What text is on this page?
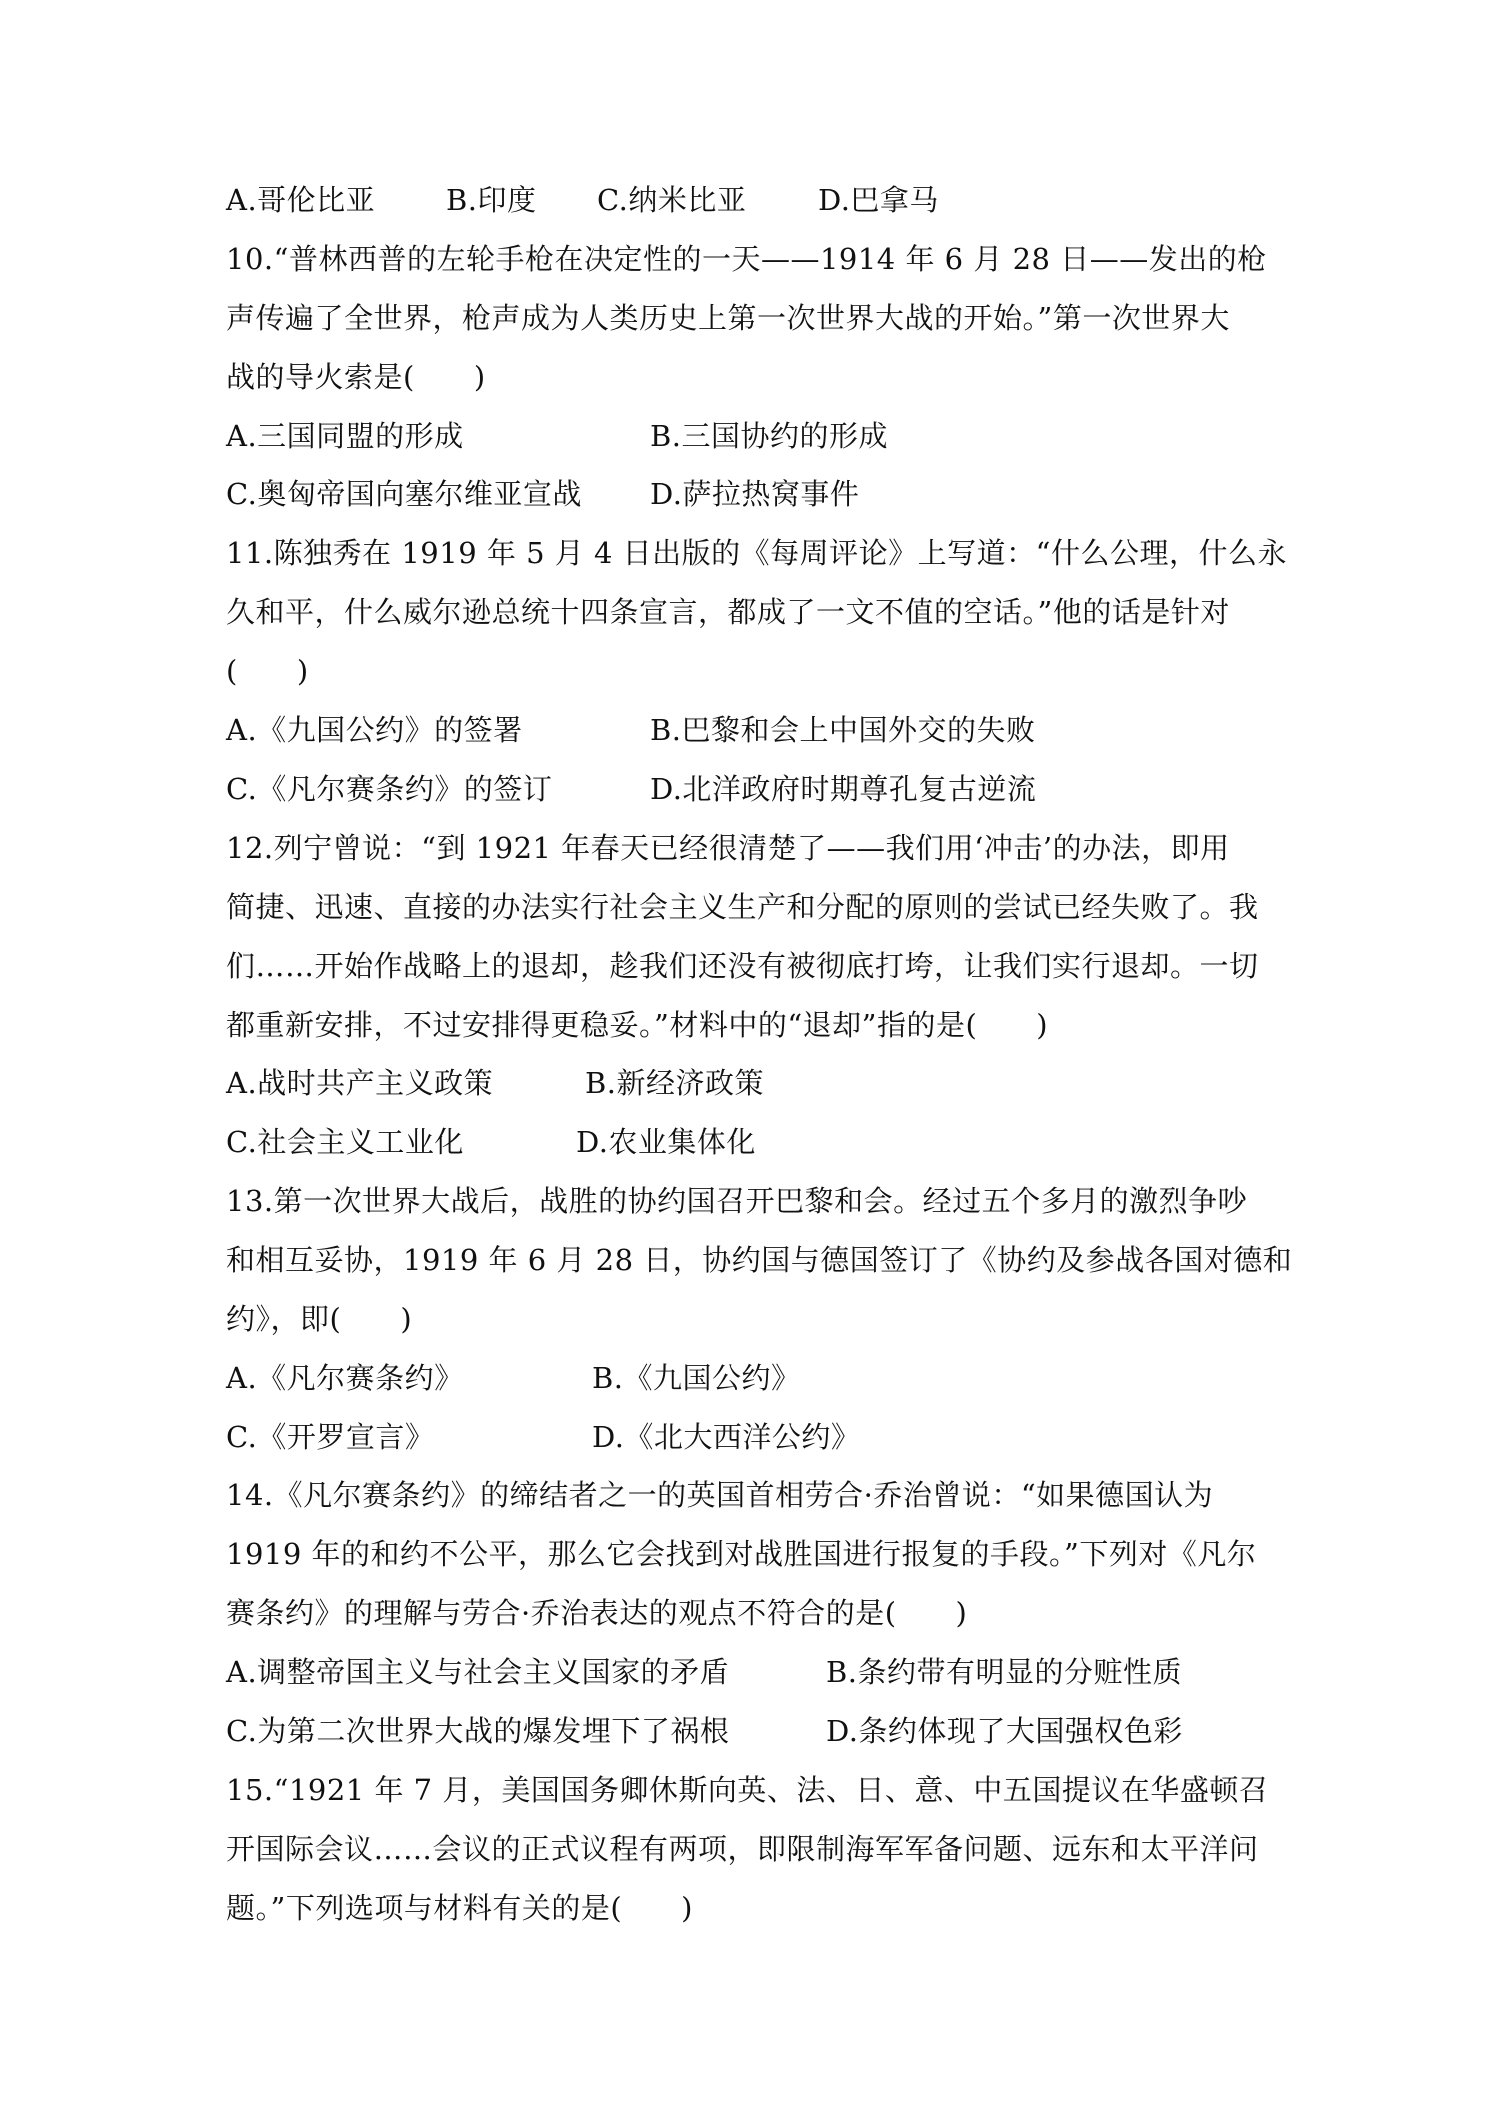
A.哥伦比亚 B.印度 C.纳米比亚 D.巴拿马
10.“普林西普的左轮手枪在决定性的一天——1914 年 6 月 28 日——发出的枪
声传遍了全世界，枪声成为人类历史上第一次世界大战的开始。”第一次世界大
战的导火索是(　　)
A.三国同盟的形成	B.三国协约的形成
C.奥匈帝国向塞尔维亚宣战 D.萨拉热窝事件
11.陈独秀在 1919 年 5 月 4 日出版的《每周评论》上写道：“什么公理，什么永
久和平，什么威尔逊总统十四条宣言，都成了一文不值的空话。”他的话是针对
(　　)
A.《九国公约》的签署	B.巴黎和会上中国外交的失败
C.《凡尔赛条约》的签订	D.北洋政府时期尊孔复古逆流
12.列宁曾说：“到 1921 年春天已经很清楚了——我们用‘冲击’的办法，即用
简捷、迅速、直接的办法实行社会主义生产和分配的原则的尝试已经失败了。我
们……开始作战略上的退却，趁我们还没有被彻底打垮，让我们实行退却。一切
都重新安排，不过安排得更稳妥。”材料中的“退却”指的是(　　)
A.战时共产主义政策	B.新经济政策
C.社会主义工业化	D.农业集体化
13.第一次世界大战后，战胜的协约国召开巴黎和会。经过五个多月的激烈争吵
和相互妥协，1919 年 6 月 28 日，协约国与德国签订了《协约及参战各国对德和
约》，即(　　)
A.《凡尔赛条约》	B.《九国公约》
C.《开罗宣言》	D.《北大西洋公约》
14.《凡尔赛条约》的缔结者之一的英国首相劳合·乔治曾说：“如果德国认为
1919 年的和约不公平，那么它会找到对战胜国进行报复的手段。”下列对《凡尔
赛条约》的理解与劳合·乔治表达的观点不符合的是(　　)
A.调整帝国主义与社会主义国家的矛盾	B.条约带有明显的分赃性质
C.为第二次世界大战的爆发埋下了祸根	D.条约体现了大国强权色彩
15.“1921 年 7 月，美国国务卿休斯向英、法、日、意、中五国提议在华盛顿召
开国际会议……会议的正式议程有两项，即限制海军军备问题、远东和太平洋问
题。”下列选项与材料有关的是(　　)
